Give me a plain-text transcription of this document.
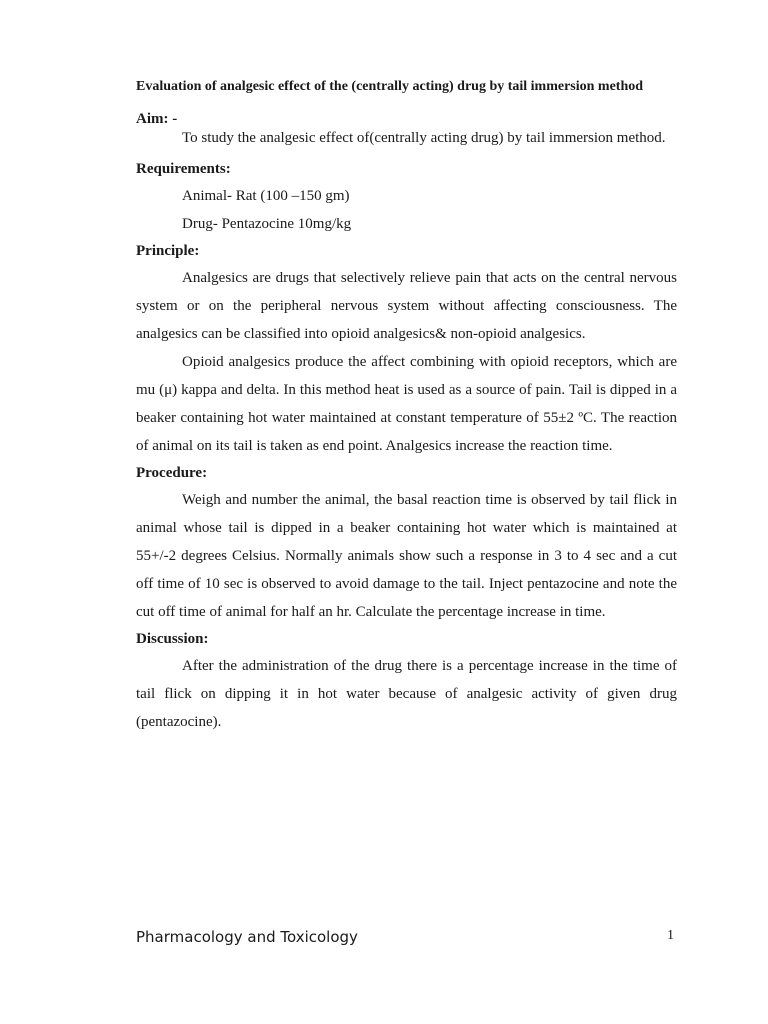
Evaluation of analgesic effect of the (centrally acting) drug by tail immersion method

Aim: -

To study the analgesic effect of(centrally acting drug) by tail immersion method.

Requirements:

Animal- Rat (100 –150 gm)

Drug- Pentazocine 10mg/kg

Principle:

Analgesics are drugs that selectively relieve pain that acts on the central nervous system or on the peripheral nervous system without affecting consciousness. The analgesics can be classified into opioid analgesics& non-opioid analgesics.

Opioid analgesics produce the affect combining with opioid receptors, which are mu (μ) kappa and delta. In this method heat is used as a source of pain. Tail is dipped in a beaker containing hot water maintained at constant temperature of 55±2 ºC. The reaction of animal on its tail is taken as end point. Analgesics increase the reaction time.

Procedure:

Weigh and number the animal, the basal reaction time is observed by tail flick in animal whose tail is dipped in a beaker containing hot water which is maintained at 55+/-2 degrees Celsius. Normally animals show such a response in 3 to 4 sec and a cut off time of 10 sec is observed to avoid damage to the tail. Inject pentazocine and note the cut off time of animal for half an hr. Calculate the percentage increase in time.

Discussion:

After the administration of the drug there is a percentage increase in the time of tail flick on dipping it in hot water because of analgesic activity of given drug (pentazocine).

Pharmacology and Toxicology	1
